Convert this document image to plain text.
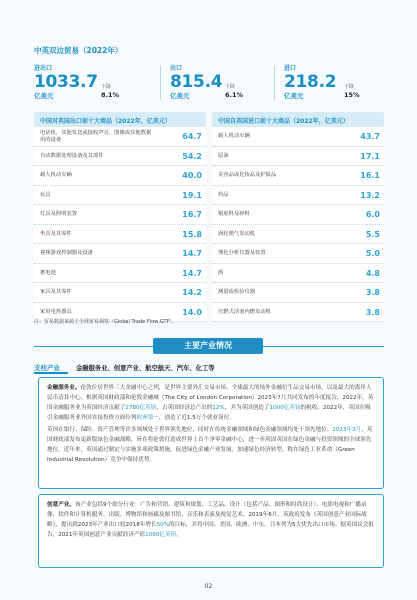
中英双边贸易（2022年）
进出口
1033.7
亿美元
下降
8.1%
出口
815.4
亿美元
下降
6.1%
进口
218.2
亿美元
下降
15%
中国对英国出口前十大商品（2022年，亿美元）
电话机，其他发送或接收声音、图像或其他数据用的设备	64.7
自动数据处理设备及其部件	54.2
载人机动车辆	40.0
玩具	19.1
灯具及照明装置	16.7
坐具及其零件	15.8
视频游戏控制器及设备	14.7
蓄电池	14.7
家具及其零件	14.2
家用电热器具	14.0
中国自英国进口前十大商品（2022年，亿美元）
载人机动车辆	43.7
原油	17.1
美容品或化妆品及护肤品	16.1
药品	13.2
铜废料及碎料	6.0
涡轮喷气发动机	5.5
理化分析仪器及装置	5.0
酒	4.8
测量或检验仪器	3.8
压燃式活塞内燃发动机	3.8
注：贸易数据来源于全球贸易观察（Global Trade Flow,GTF）。
主要产业情况
支柱产业	金融服务业、创意产业、航空航天、汽车、化工等

金融服务业。伦敦位居世界三大金融中心之列，是世界主要外汇交易市场、全球最大的场外金融衍生品交易市场，以及最大的离岸人民币清算中心。根据英国财政部和伦敦金融城（The City of London Corporation）2023年7月共同发布的年度报告，2022年，英国金融服务业为英国经济贡献了2780亿英镑，占英国经济总产出的12%，并为英国创造了1000亿英镑的税收。2022年，英国在吸引金融服务业外国直接投资方面位列欧洲第一，创造了近1.5万个就业岗位。

英国在银行、保险、资产管理等许多领域处于世界领先地位，同时在传统金融领域和绿色金融领域均处于领先地位。2023年3月，英国财政部发布更新版绿色金融战略，旨在将伦敦打造成世界上首个净零金融中心，进一步巩固英国在绿色金融与投资领域的全球领先地位。近年来，英国通过制定与实施多项政策措施，促进绿色金融产业发展，加速绿色经济转型，称在绿色工业革命（Green Industrial Revolution）竞争中保持优势。

创意产业。该产业包括9个细分行业：广告和营销、建筑和规划、工艺品、设计（包括产品、图形和时尚设计）、电影电视和广播录像、软件和计算机服务、出版、博物馆和画廊及图书馆、音乐和表演及视觉艺术。2019年6月，英政府发布《英国创意产业国际战略》，提出到2023年产业出口较2018年增长50%的目标，并将中国、美国、欧洲、中东、日本列为5大优先出口市场。据英国议会报告，2021年英国创意产业贡献经济产值1090亿英镑。

02
